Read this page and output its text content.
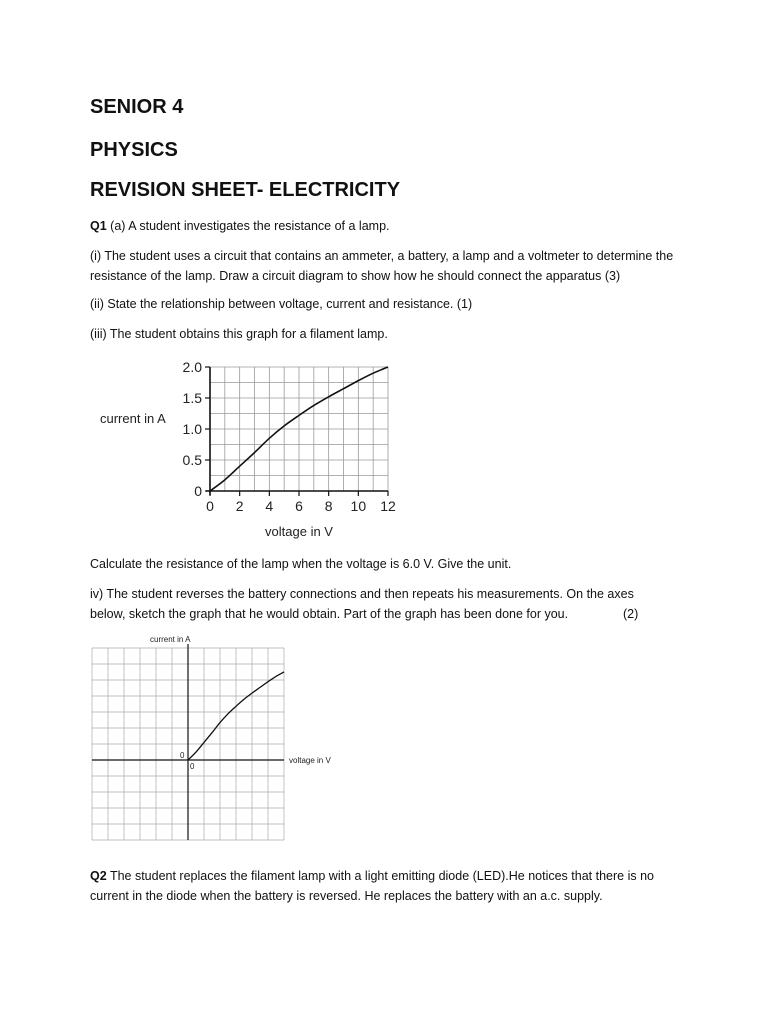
SENIOR 4
PHYSICS
REVISION SHEET- ELECTRICITY

Q1 (a) A student investigates the resistance of a lamp.

(i) The student uses a circuit that contains an ammeter, a battery, a lamp and a voltmeter to determine the resistance of the lamp. Draw a circuit diagram to show how he should connect the apparatus (3)

(ii) State the relationship between voltage, current and resistance. (1)

(iii) The student obtains this graph for a filament lamp.

0
0.5
1.0
1.5
2.0
0 2 4 6 8 10 12
current in A
voltage in V

Calculate the resistance of the lamp when the voltage is 6.0 V. Give the unit.

iv) The student reverses the battery connections and then repeats his measurements. On the axes below, sketch the graph that he would obtain. Part of the graph has been done for you.	(2)
current in A
voltage in V
0
0

Q2 The student replaces the filament lamp with a light emitting diode (LED).He notices that there is no current in the diode when the battery is reversed. He replaces the battery with an a.c. supply.
